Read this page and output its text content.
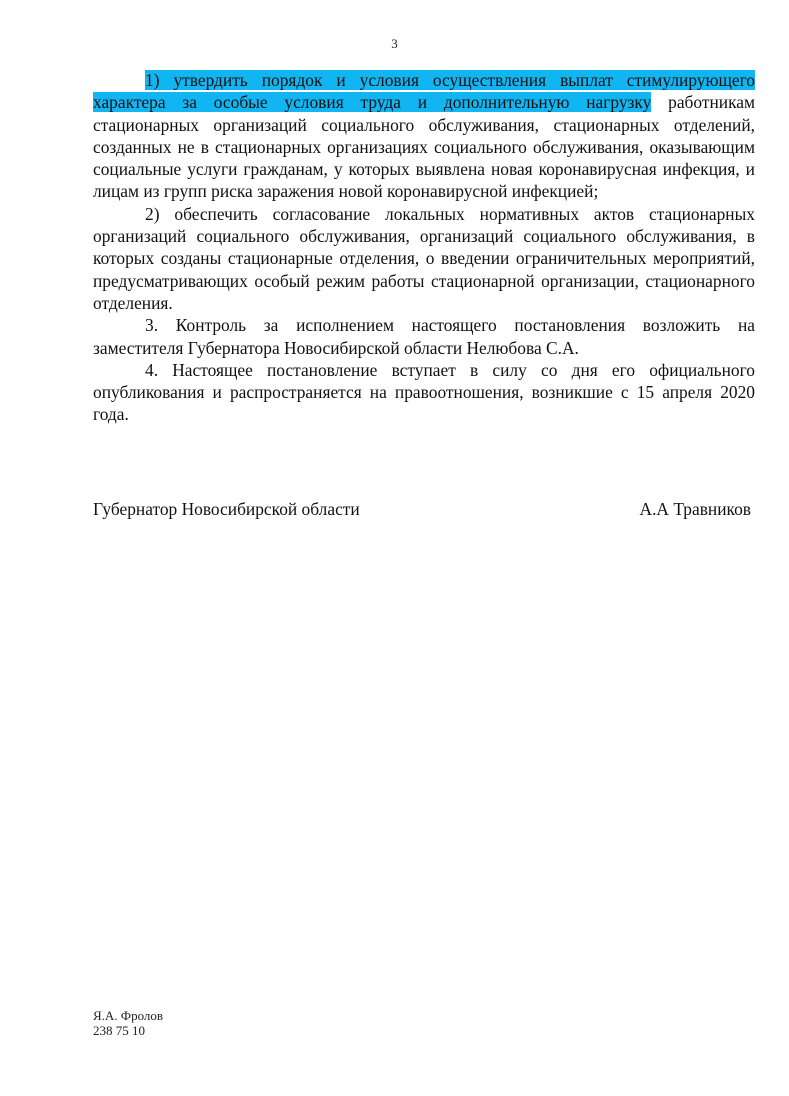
3

1) утвердить порядок и условия осуществления выплат стимулирующего характера за особые условия труда и дополнительную нагрузку работникам стационарных организаций социального обслуживания, стационарных отделений, созданных не в стационарных организациях социального обслуживания, оказывающим социальные услуги гражданам, у которых выявлена новая коронавирусная инфекция, и лицам из групп риска заражения новой коронавирусной инфекцией;

2) обеспечить согласование локальных нормативных актов стационарных организаций социального обслуживания, организаций социального обслуживания, в которых созданы стационарные отделения, о введении ограничительных мероприятий, предусматривающих особый режим работы стационарной организации, стационарного отделения.

3. Контроль за исполнением настоящего постановления возложить на заместителя Губернатора Новосибирской области Нелюбова С.А.

4. Настоящее постановление вступает в силу со дня его официального опубликования и распространяется на правоотношения, возникшие с 15 апреля 2020 года.

Губернатор Новосибирской области	А.А Травников
Я.А. Фролов
238 75 10
